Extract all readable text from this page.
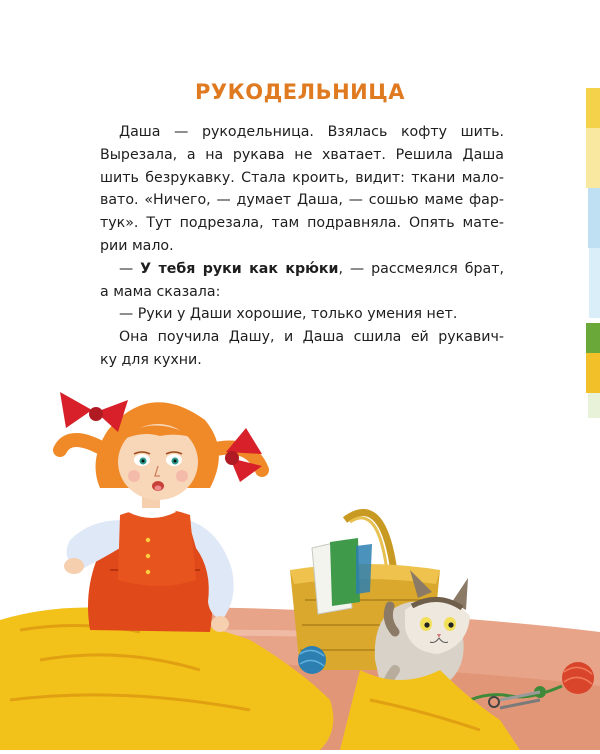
РУКОДЕЛЬНИЦА
Даша — рукодельница. Взялась кофту шить.
Вырезала, а на рукава не хватает. Решила Даша
шить безрукавку. Стала кроить, видит: ткани мало-
вато. «Ничего, — думает Даша, — сошью маме фар-
тук». Тут подрезала, там подравняла. Опять мате-
рии мало.
— У тебя руки как крю́ки, — рассмеялся брат,
а мама сказала:
— Руки у Даши хорошие, только умения нет.
Она поучила Дашу, и Даша сшила ей рукавич-
ку для кухни.
